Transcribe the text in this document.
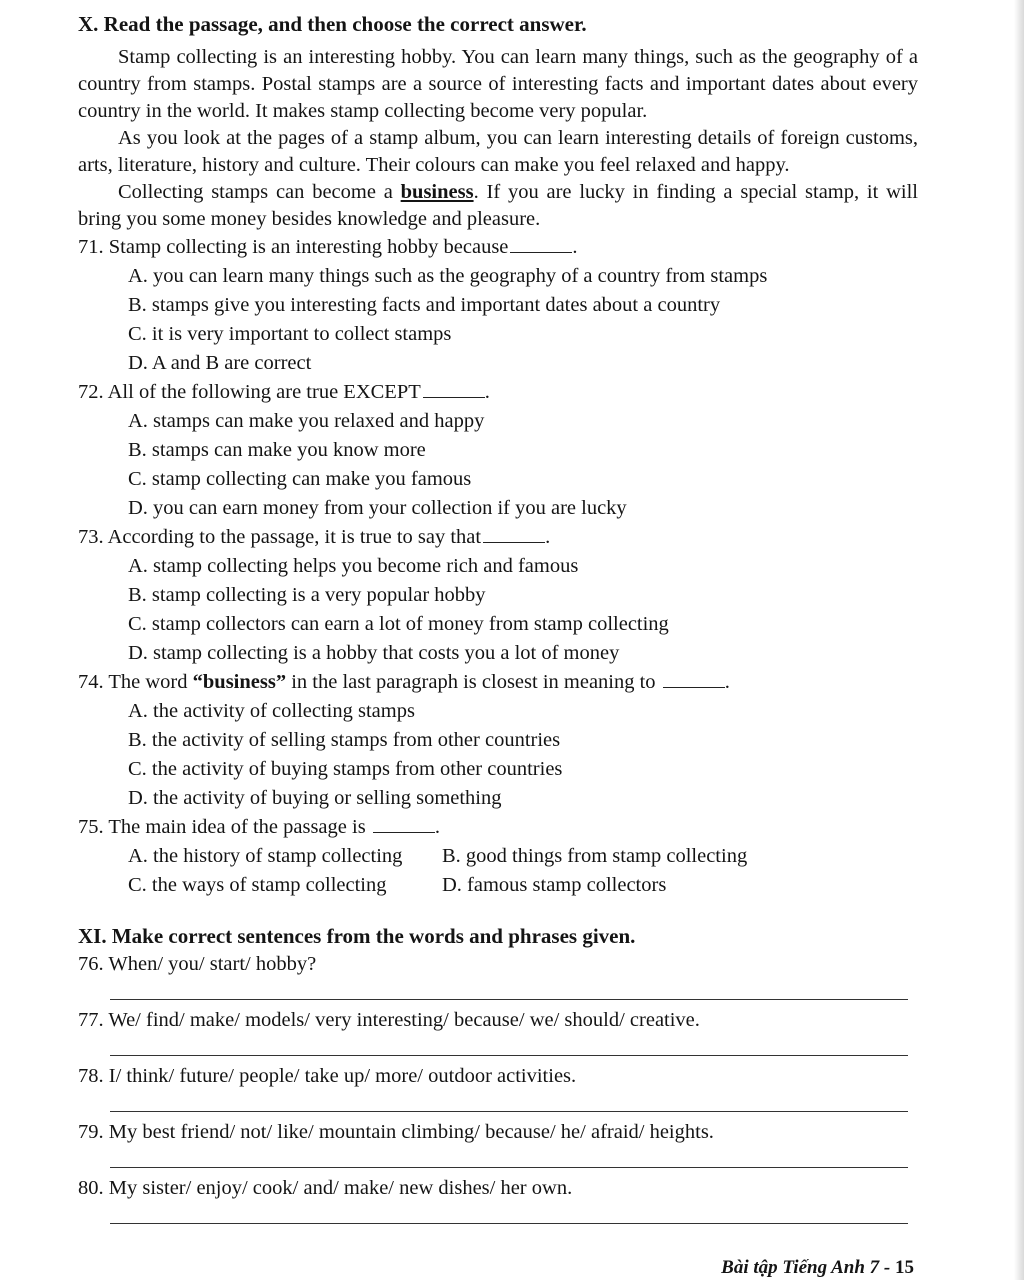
X. Read the passage, and then choose the correct answer.

Stamp collecting is an interesting hobby. You can learn many things, such as the geography of a country from stamps. Postal stamps are a source of interesting facts and important dates about every country in the world. It makes stamp collecting become very popular.

As you look at the pages of a stamp album, you can learn interesting details of foreign customs, arts, literature, history and culture. Their colours can make you feel relaxed and happy.

Collecting stamps can become a business. If you are lucky in finding a special stamp, it will bring you some money besides knowledge and pleasure.

71. Stamp collecting is an interesting hobby because	.

A. you can learn many things such as the geography of a country from stamps

B. stamps give you interesting facts and important dates about a country

C. it is very important to collect stamps

D. A and B are correct

72. All of the following are true EXCEPT	.

A. stamps can make you relaxed and happy

B. stamps can make you know more

C. stamp collecting can make you famous

D. you can earn money from your collection if you are lucky

73. According to the passage, it is true to say that	.

A. stamp collecting helps you become rich and famous

B. stamp collecting is a very popular hobby

C. stamp collectors can earn a lot of money from stamp collecting

D. stamp collecting is a hobby that costs you a lot of money

74. The word “business” in the last paragraph is closest in meaning to	.

A. the activity of collecting stamps

B. the activity of selling stamps from other countries

C. the activity of buying stamps from other countries

D. the activity of buying or selling something

75. The main idea of the passage is	.

A. the history of stamp collecting	B. good things from stamp collecting
C. the ways of stamp collecting	D. famous stamp collectors

XI. Make correct sentences from the words and phrases given.

76. When/ you/ start/ hobby?

77. We/ find/ make/ models/ very interesting/ because/ we/ should/ creative.

78. I/ think/ future/ people/ take up/ more/ outdoor activities.

79. My best friend/ not/ like/ mountain climbing/ because/ he/ afraid/ heights.

80. My sister/ enjoy/ cook/ and/ make/ new dishes/ her own.

Bài tập Tiếng Anh 7 - 15
